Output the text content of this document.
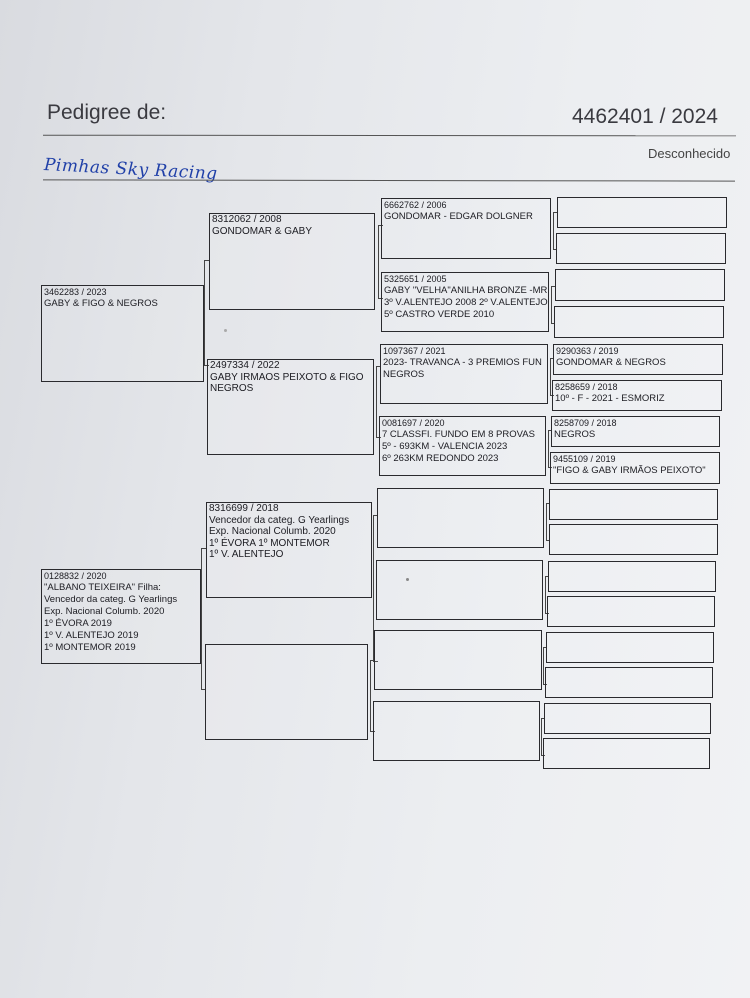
Pedigree de:	4462401 / 2024
Desconhecido
Pimhas Sky Racing
3462283 / 2023
GABY & FIGO & NEGROS
0128832 / 2020
"ALBANO TEIXEIRA" Filha:
Vencedor da categ. G Yearlings
Exp. Nacional Columb. 2020
1º ÉVORA 2019
1º V. ALENTEJO 2019
1º MONTEMOR 2019
8312062 / 2008
GONDOMAR & GABY
2497334 / 2022
GABY IRMAOS PEIXOTO & FIGO
NEGROS
8316699 / 2018
Vencedor da categ. G Yearlings
Exp. Nacional Columb. 2020
1º ÉVORA 1º MONTEMOR
1º V. ALENTEJO
6662762 / 2006
GONDOMAR - EDGAR DOLGNER
5325651 / 2005
GABY "VELHA"ANILHA BRONZE -MR
3º V.ALENTEJO 2008 2º V.ALENTEJO
5º CASTRO VERDE 2010
1097367 / 2021
2023- TRAVANCA - 3 PREMIOS FUN
NEGROS
0081697 / 2020
7 CLASSFI. FUNDO EM 8 PROVAS
5º - 693KM - VALENCIA 2023
6º 263KM REDONDO 2023
9290363 / 2019
GONDOMAR & NEGROS
8258659 / 2018
10º - F - 2021 - ESMORIZ
8258709 / 2018
NEGROS
9455109 / 2019
"FIGO & GABY IRMÃOS PEIXOTO"
